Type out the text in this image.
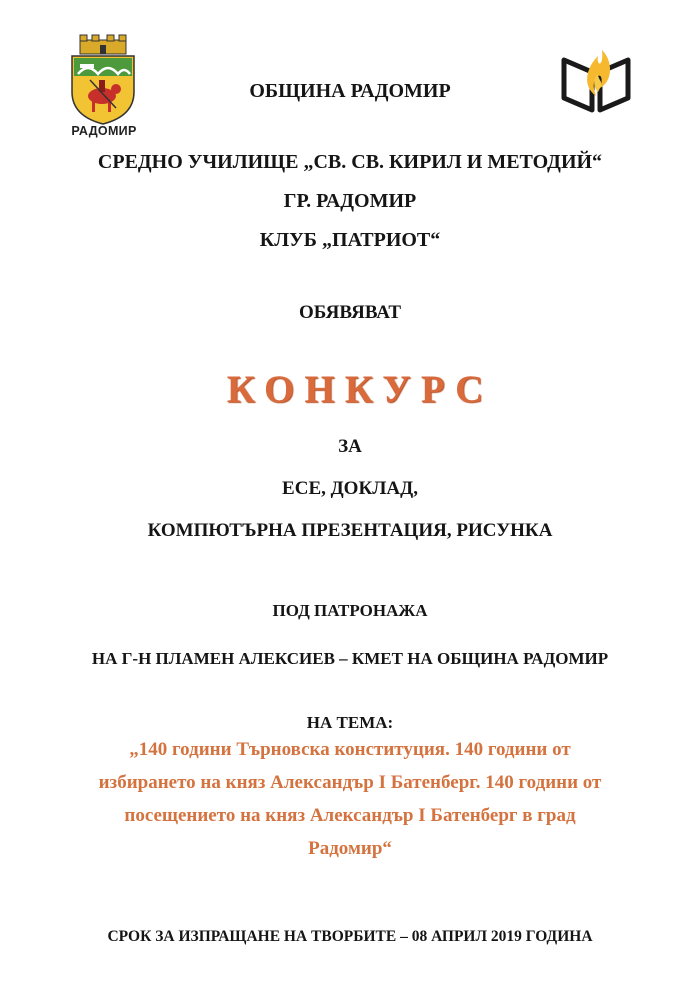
РАДОМИР
ОБЩИНА РАДОМИР
СРЕДНО УЧИЛИЩЕ „СВ. СВ. КИРИЛ И МЕТОДИЙ“
ГР. РАДОМИР
КЛУБ „ПАТРИОТ“
ОБЯВЯВАТ
КОНКУРС
ЗА
ЕСЕ, ДОКЛАД,
КОМПЮТЪРНА ПРЕЗЕНТАЦИЯ, РИСУНКА
ПОД ПАТРОНАЖА
НА Г-Н ПЛАМЕН АЛЕКСИЕВ – КМЕТ НА ОБЩИНА РАДОМИР
НА ТЕМА:
„140 години Търновска конституция. 140 години от
избирането на княз Александър І Батенберг. 140 години от
посещението на княз Александър І Батенберг в град
Радомир“
СРОК ЗА ИЗПРАЩАНЕ НА ТВОРБИТЕ – 08 АПРИЛ 2019 ГОДИНА
